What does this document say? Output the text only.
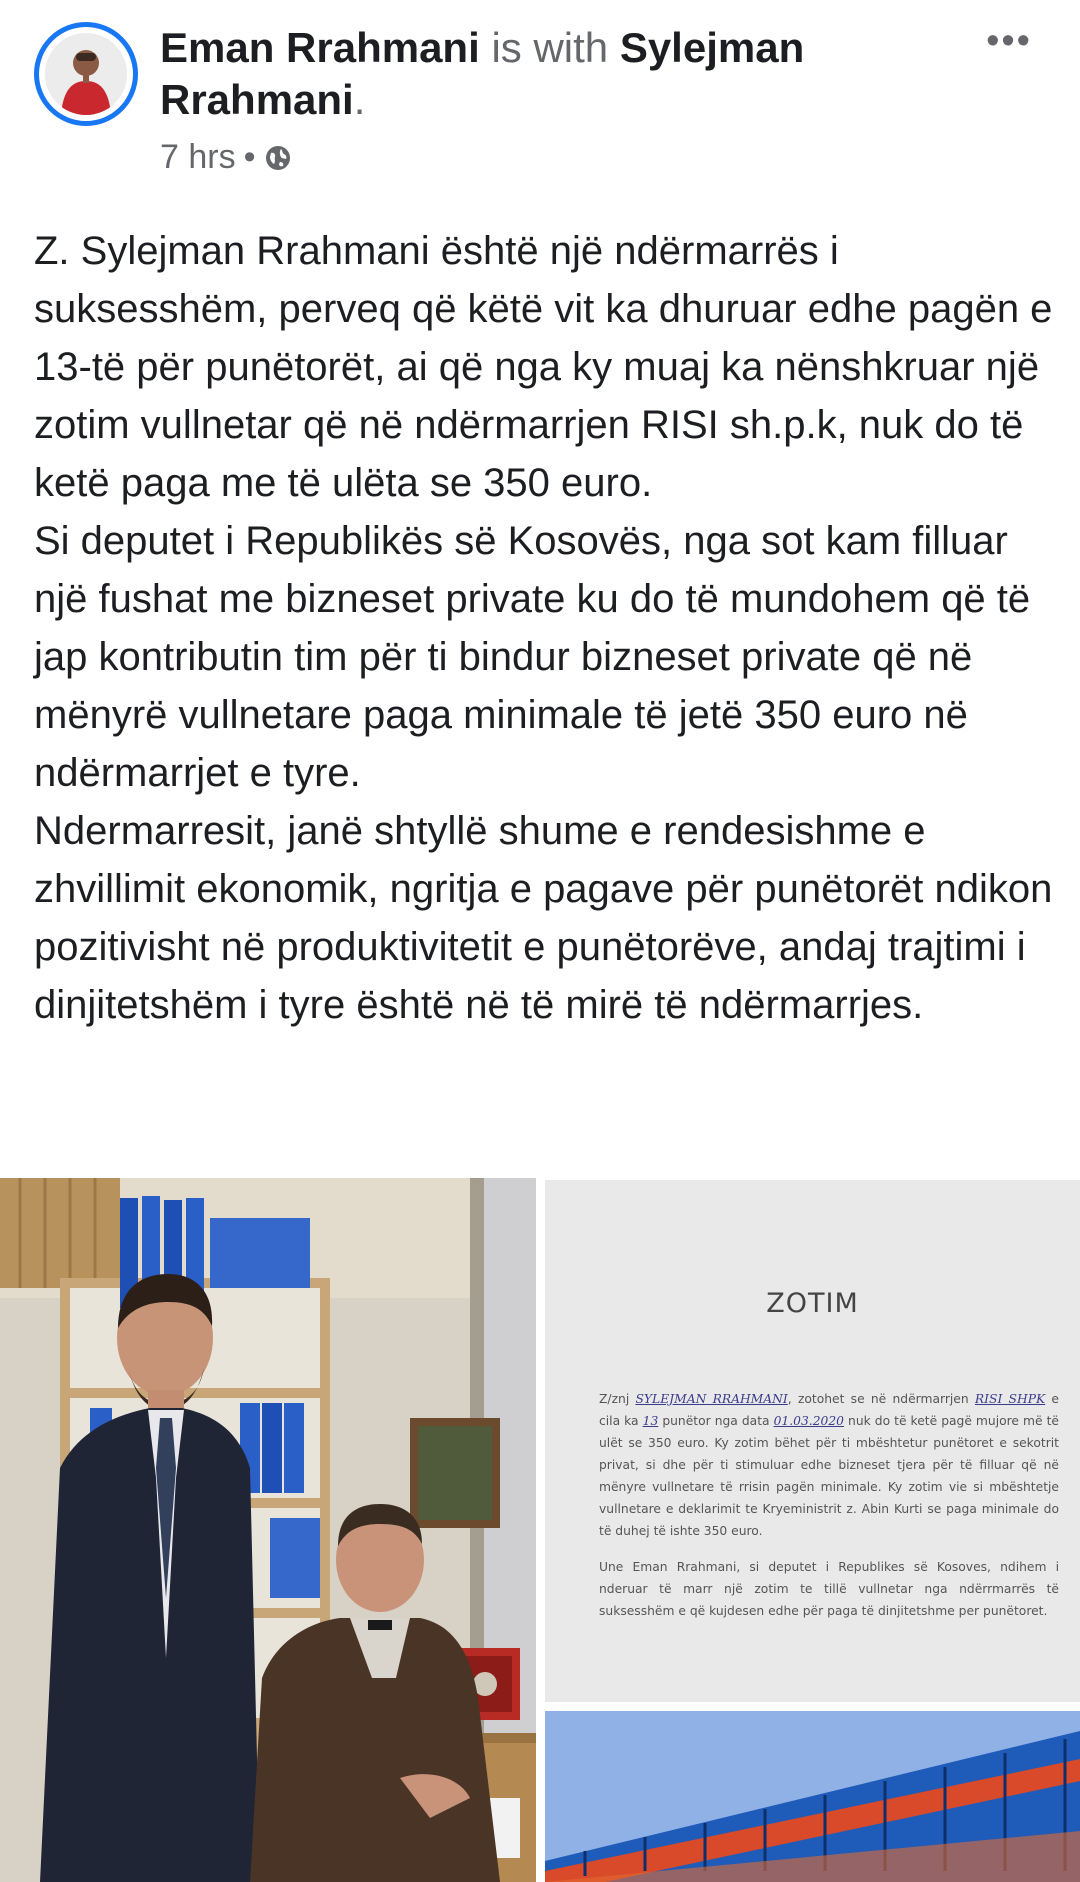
Eman Rrahmani is with Sylejman Rrahmani.
7 hrs •
•••

Z. Sylejman Rrahmani është një ndërmarrës i suksesshëm, perveq që këtë vit ka dhuruar edhe pagën e 13-të për punëtorët, ai që nga ky muaj ka nënshkruar një zotim vullnetar që në ndërmarrjen RISI sh.p.k, nuk do të ketë paga me të ulëta se 350 euro.

Si deputet i Republikës së Kosovës, nga sot kam filluar një fushat me bizneset private ku do të mundohem që të jap kontributin tim për ti bindur bizneset private që në mënyrë vullnetare paga minimale të jetë 350 euro në ndërmarrjet e tyre.

Ndermarresit, janë shtyllë shume e rendesishme e zhvillimit ekonomik, ngritja e pagave për punëtorët ndikon pozitivisht në produktivitetit e punëtorëve, andaj trajtimi i dinjitetshëm i tyre është në të mirë të ndërmarrjes.

ZOTIM

Z/znj SYLEJMAN RRAHMANI, zotohet se në ndërmarrjen RISI SHPK e cila ka 13 punëtor nga data 01.03.2020 nuk do të ketë pagë mujore më të ulët se 350 euro. Ky zotim bëhet për ti mbështetur punëtoret e sekotrit privat, si dhe për ti stimuluar edhe bizneset tjera për të filluar që në mënyre vullnetare të rrisin pagën minimale. Ky zotim vie si mbështetje vullnetare e deklarimit te Kryeministrit z. Abin Kurti se paga minimale do të duhej të ishte 350 euro.

Une Eman Rrahmani, si deputet i Republikes së Kosoves, ndihem i nderuar të marr një zotim te tillë vullnetar nga ndërrmarrës të suksesshëm e që kujdesen edhe për paga të dinjitetshme per punëtoret.
